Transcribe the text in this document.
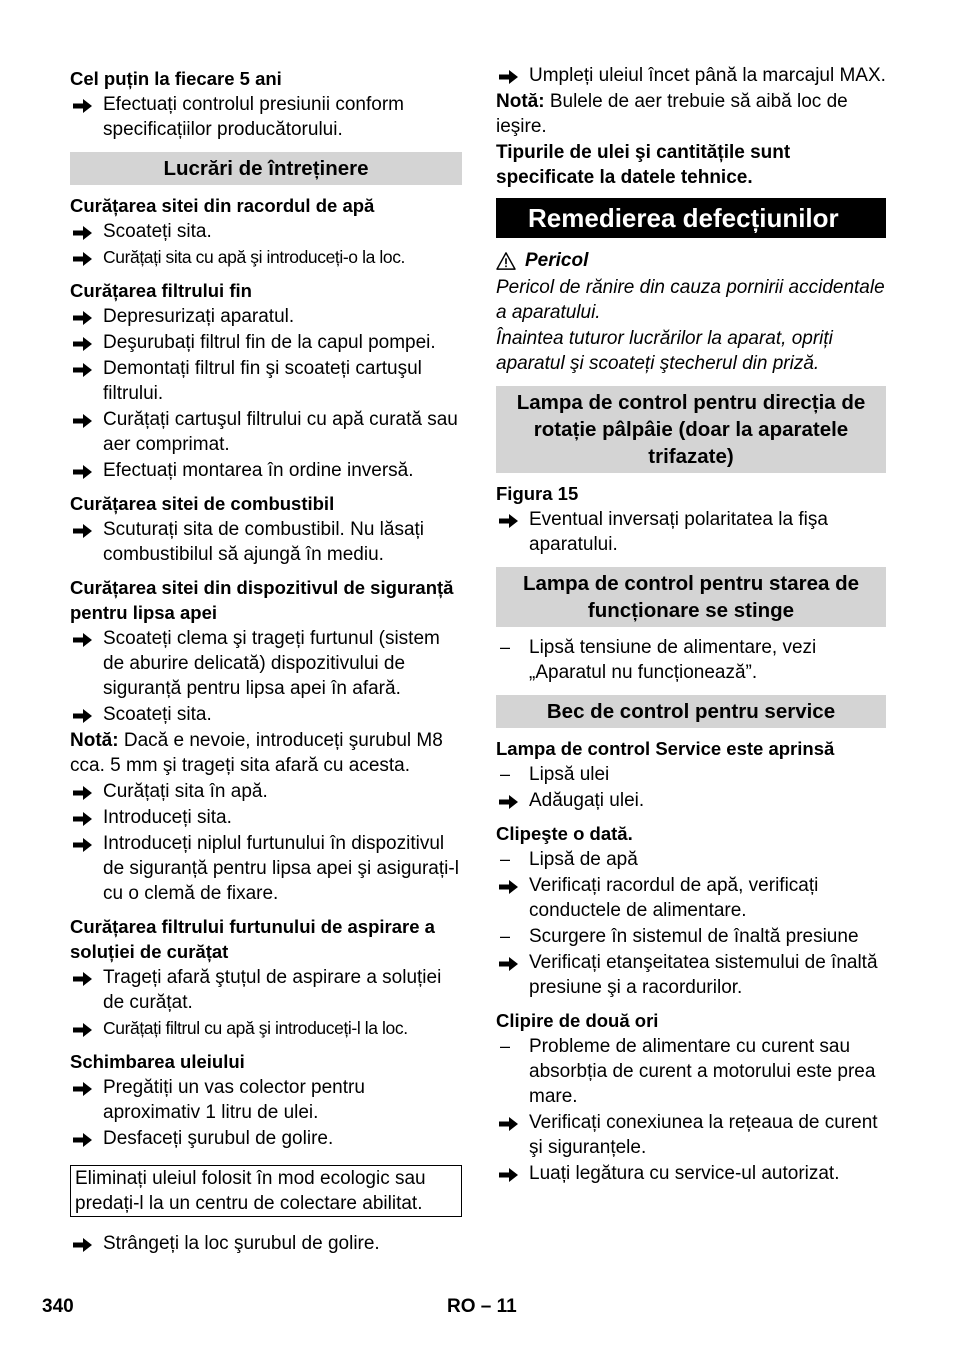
Cel puțin la fiecare 5 ani
Efectuați controlul presiunii conform specificațiilor producătorului.
Lucrări de întreținere
Curățarea sitei din racordul de apă
Scoateți sita.
Curățați sita cu apă şi introduceți-o la loc.
Curățarea filtrului fin
Depresurizați aparatul.
Deşurubați filtrul fin de la capul pompei.
Demontați filtrul fin şi scoateți cartuşul filtrului.
Curățați cartuşul filtrului cu apă curată sau aer comprimat.
Efectuați montarea în ordine inversă.
Curățarea sitei de combustibil
Scuturați sita de combustibil. Nu lăsați combustibilul să ajungă în mediu.
Curățarea sitei din dispozitivul de siguranță pentru lipsa apei
Scoateți clema şi trageți furtunul (sistem de aburire delicată) dispozitivului de siguranță pentru lipsa apei în afară.
Scoateți sita.
Notă: Dacă e nevoie, introduceți şurubul M8 cca. 5 mm şi trageți sita afară cu acesta.
Curățați sita în apă.
Introduceți sita.
Introduceți niplul furtunului în dispozitivul de siguranță pentru lipsa apei şi asigurați-l cu o clemă de fixare.
Curățarea filtrului furtunului de aspirare a soluției de curățat
Trageți afară ştuțul de aspirare a soluției de curățat.
Curățați filtrul cu apă şi introduceți-l la loc.
Schimbarea uleiului
Pregătiți un vas colector pentru aproximativ 1 litru de ulei.
Desfaceți şurubul de golire.
Eliminați uleiul folosit în mod ecologic sau predați-l la un centru de colectare abilitat.
Strângeți la loc şurubul de golire.
Umpleți uleiul încet până la marcajul MAX.
Notă: Bulele de aer trebuie să aibă loc de ieşire.
Tipurile de ulei şi cantitățile sunt specificate la datele tehnice.
Remedierea defecțiunilor
Pericol
Pericol de rănire din cauza pornirii accidentale a aparatului.
Înaintea tuturor lucrărilor la aparat, opriți aparatul şi scoateți ştecherul din priză.
Lampa de control pentru direcția de rotație pâlpâie (doar la aparatele trifazate)
Figura 15
Eventual inversați polaritatea la fişa aparatului.
Lampa de control pentru starea de funcționare se stinge
– Lipsă tensiune de alimentare, vezi „Aparatul nu funcționează”.
Bec de control pentru service
Lampa de control Service este aprinsă
– Lipsă ulei
Adăugați ulei.
Clipeşte o dată.
– Lipsă de apă
Verificați racordul de apă, verificați conductele de alimentare.
– Scurgere în sistemul de înaltă presiune
Verificați etanşeitatea sistemului de înaltă presiune şi a racordurilor.
Clipire de două ori
– Probleme de alimentare cu curent sau absorbția de curent a motorului este prea mare.
Verificați conexiunea la rețeaua de curent şi siguranțele.
Luați legătura cu service-ul autorizat.
340	RO – 11
